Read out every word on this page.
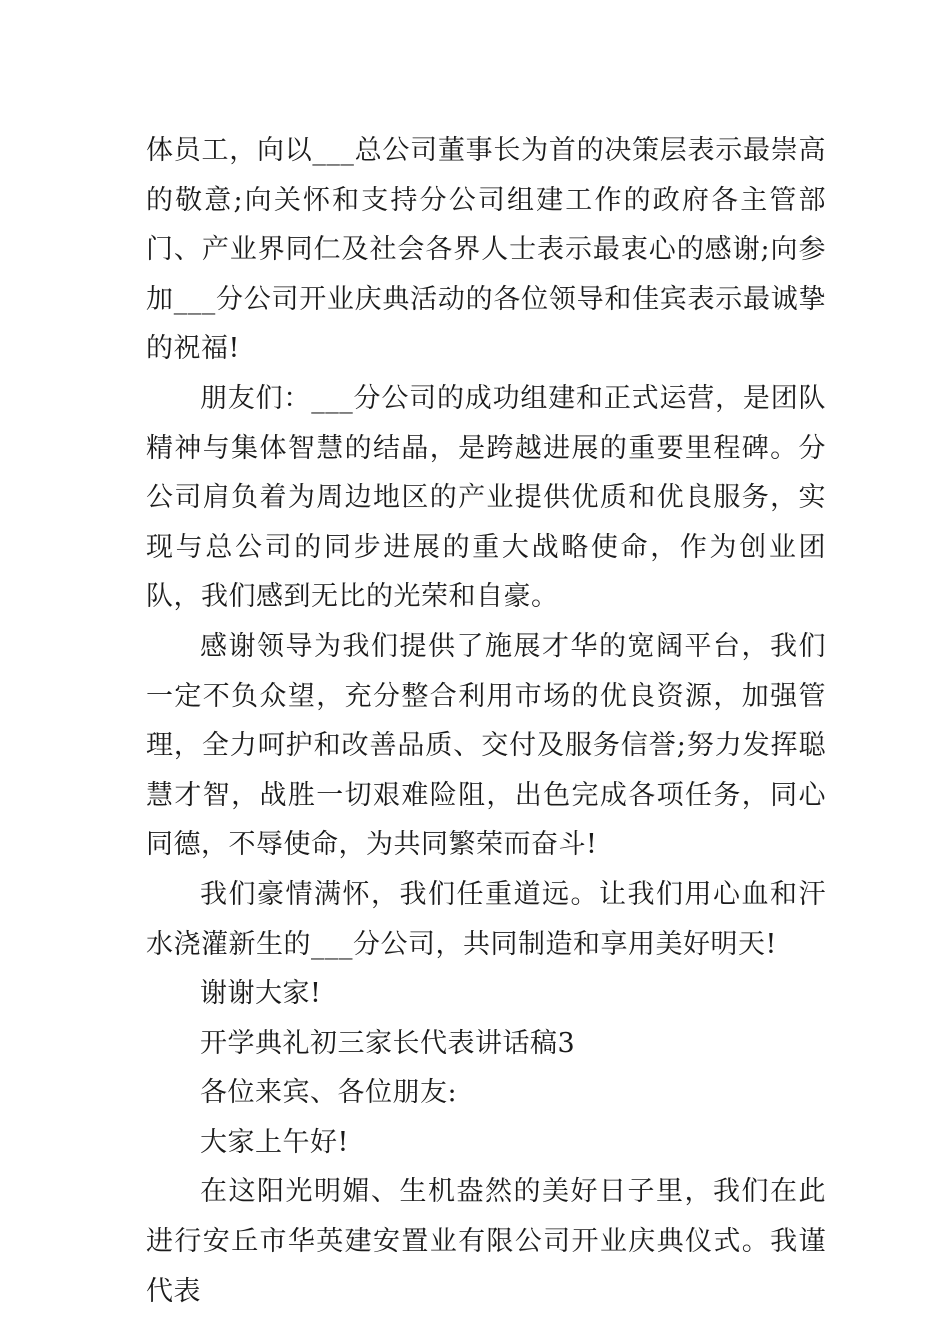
体员工，向以___总公司董事长为首的决策层表示最崇高的敬意;向关怀和支持分公司组建工作的政府各主管部门、产业界同仁及社会各界人士表示最衷心的感谢;向参加___分公司开业庆典活动的各位领导和佳宾表示最诚挚的祝福!

朋友们：___分公司的成功组建和正式运营，是团队精神与集体智慧的结晶，是跨越进展的重要里程碑。分公司肩负着为周边地区的产业提供优质和优良服务，实现与总公司的同步进展的重大战略使命，作为创业团队，我们感到无比的光荣和自豪。

感谢领导为我们提供了施展才华的宽阔平台，我们一定不负众望，充分整合利用市场的优良资源，加强管理，全力呵护和改善品质、交付及服务信誉;努力发挥聪慧才智，战胜一切艰难险阻，出色完成各项任务，同心同德，不辱使命，为共同繁荣而奋斗!

我们豪情满怀，我们任重道远。让我们用心血和汗水浇灌新生的___分公司，共同制造和享用美好明天!

谢谢大家!

开学典礼初三家长代表讲话稿3

各位来宾、各位朋友:

大家上午好!

在这阳光明媚、生机盎然的美好日子里，我们在此进行安丘市华英建安置业有限公司开业庆典仪式。我谨代表
